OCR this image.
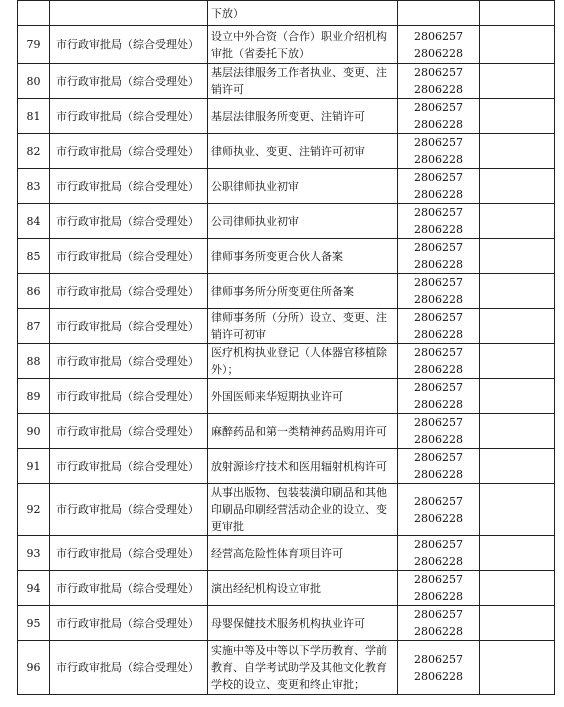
		下放）		

79	市行政审批局（综合受理处）	设立中外合资（合作）职业介绍机构审批（省委托下放）	2806257
2806228	

80	市行政审批局（综合受理处）	基层法律服务工作者执业、变更、注销许可	2806257
2806228	

81	市行政审批局（综合受理处）	基层法律服务所变更、注销许可	2806257
2806228	

82	市行政审批局（综合受理处）	律师执业、变更、注销许可初审	2806257
2806228	

83	市行政审批局（综合受理处）	公职律师执业初审	2806257
2806228	

84	市行政审批局（综合受理处）	公司律师执业初审	2806257
2806228	

85	市行政审批局（综合受理处）	律师事务所变更合伙人备案	2806257
2806228	

86	市行政审批局（综合受理处）	律师事务所分所变更住所备案	2806257
2806228	

87	市行政审批局（综合受理处）	律师事务所（分所）设立、变更、注销许可初审	2806257
2806228	

88	市行政审批局（综合受理处）	医疗机构执业登记（人体器官移植除外）；	2806257
2806228	

89	市行政审批局（综合受理处）	外国医师来华短期执业许可	2806257
2806228	

90	市行政审批局（综合受理处）	麻醉药品和第一类精神药品购用许可	2806257
2806228	

91	市行政审批局（综合受理处）	放射源诊疗技术和医用辐射机构许可	2806257
2806228	

92	市行政审批局（综合受理处）	从事出版物、包装装潢印刷品和其他印刷品印刷经营活动企业的设立、变更审批	2806257
2806228	

93	市行政审批局（综合受理处）	经营高危险性体育项目许可	2806257
2806228	

94	市行政审批局（综合受理处）	演出经纪机构设立审批	2806257
2806228	

95	市行政审批局（综合受理处）	母婴保健技术服务机构执业许可	2806257
2806228	

96	市行政审批局（综合受理处）	实施中等及中等以下学历教育、学前教育、自学考试助学及其他文化教育学校的设立、变更和终止审批；	2806257
2806228	
